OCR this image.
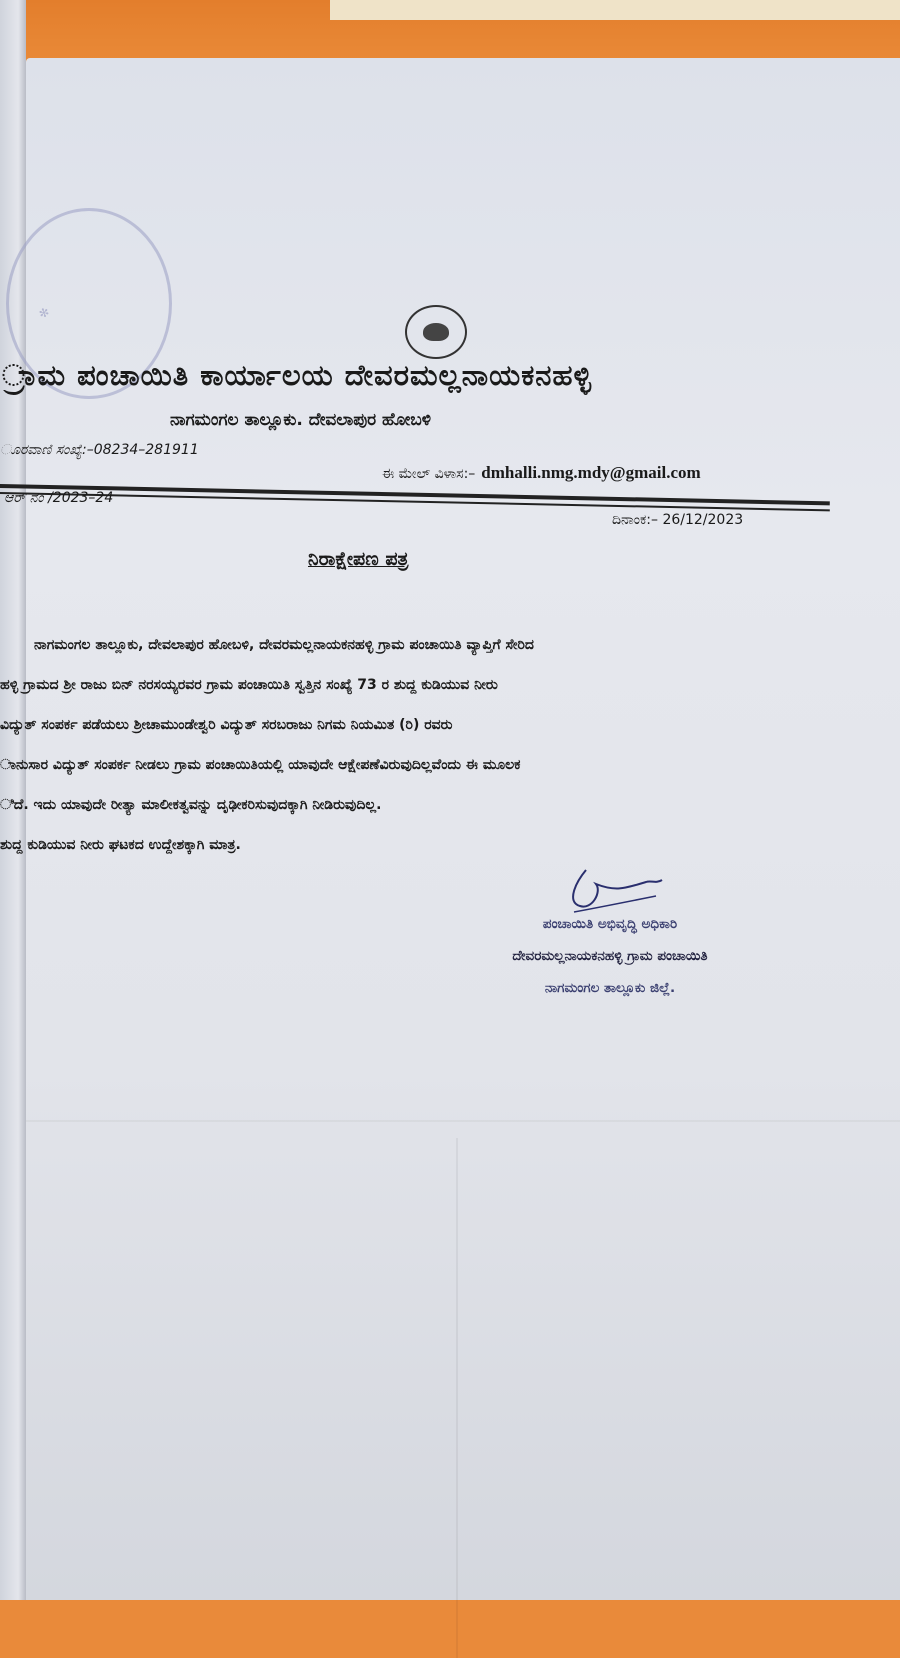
✻
್ರಾಮ ಪಂಚಾಯಿತಿ ಕಾರ್ಯಾಲಯ ದೇವರಮಲ್ಲನಾಯಕನಹಳ್ಳಿ
ನಾಗಮಂಗಲ ತಾಲ್ಲೂಕು. ದೇವಲಾಪುರ ಹೋಬಳಿ
ೂರವಾಣಿ ಸಂಖ್ಯೆ:–08234–281911
ಈ ಮೇಲ್ ವಿಳಾಸ:– dmhalli.nmg.mdy@gmail.com
ಆರ್ ನಂ /2023–24
ದಿನಾಂಕ:– 26/12/2023
ನಿರಾಕ್ಷೇಪಣ ಪತ್ರ

ನಾಗಮಂಗಲ ತಾಲ್ಲೂಕು, ದೇವಲಾಪುರ ಹೋಬಳಿ, ದೇವರಮಲ್ಲನಾಯಕನಹಳ್ಳಿ ಗ್ರಾಮ ಪಂಚಾಯಿತಿ ವ್ಯಾಪ್ತಿಗೆ ಸೇರಿದ

ಹಳ್ಳಿ ಗ್ರಾಮದ ಶ್ರೀ ರಾಜು ಬಿನ್ ನರಸಯ್ಯರವರ ಗ್ರಾಮ ಪಂಚಾಯಿತಿ ಸ್ವತ್ತಿನ ಸಂಖ್ಯೆ 73 ರ ಶುದ್ದ ಕುಡಿಯುವ ನೀರು

ವಿದ್ಯುತ್ ಸಂಪರ್ಕ ಪಡೆಯಲು ಶ್ರೀಚಾಮುಂಡೇಶ್ವರಿ ವಿದ್ಯುತ್ ಸರಬರಾಜು ನಿಗಮ ನಿಯಮಿತ (ರಿ) ರವರು

ಾನುಸಾರ ವಿದ್ಯುತ್ ಸಂಪರ್ಕ ನೀಡಲು ಗ್ರಾಮ ಪಂಚಾಯಿತಿಯಲ್ಲಿ ಯಾವುದೇ ಆಕ್ಷೇಪಣೆವಿರುವುದಿಲ್ಲವೆಂದು ಈ ಮೂಲಕ

ಿದೆ. ಇದು ಯಾವುದೇ ರೀತ್ಯಾ ಮಾಲೀಕತ್ವವನ್ನು ದೃಢೀಕರಿಸುವುದಕ್ಕಾಗಿ ನೀಡಿರುವುದಿಲ್ಲ.

ಶುದ್ದ ಕುಡಿಯುವ ನೀರು ಘಟಕದ ಉದ್ದೇಶಕ್ಕಾಗಿ ಮಾತ್ರ.

ಪಂಚಾಯಿತಿ ಅಭಿವೃದ್ಧಿ ಅಧಿಕಾರಿ
ದೇವರಮಲ್ಲನಾಯಕನಹಳ್ಳಿ ಗ್ರಾಮ ಪಂಚಾಯಿತಿ
ನಾಗಮಂಗಲ ತಾಲ್ಲೂಕು ಜಿಲ್ಲೆ.
